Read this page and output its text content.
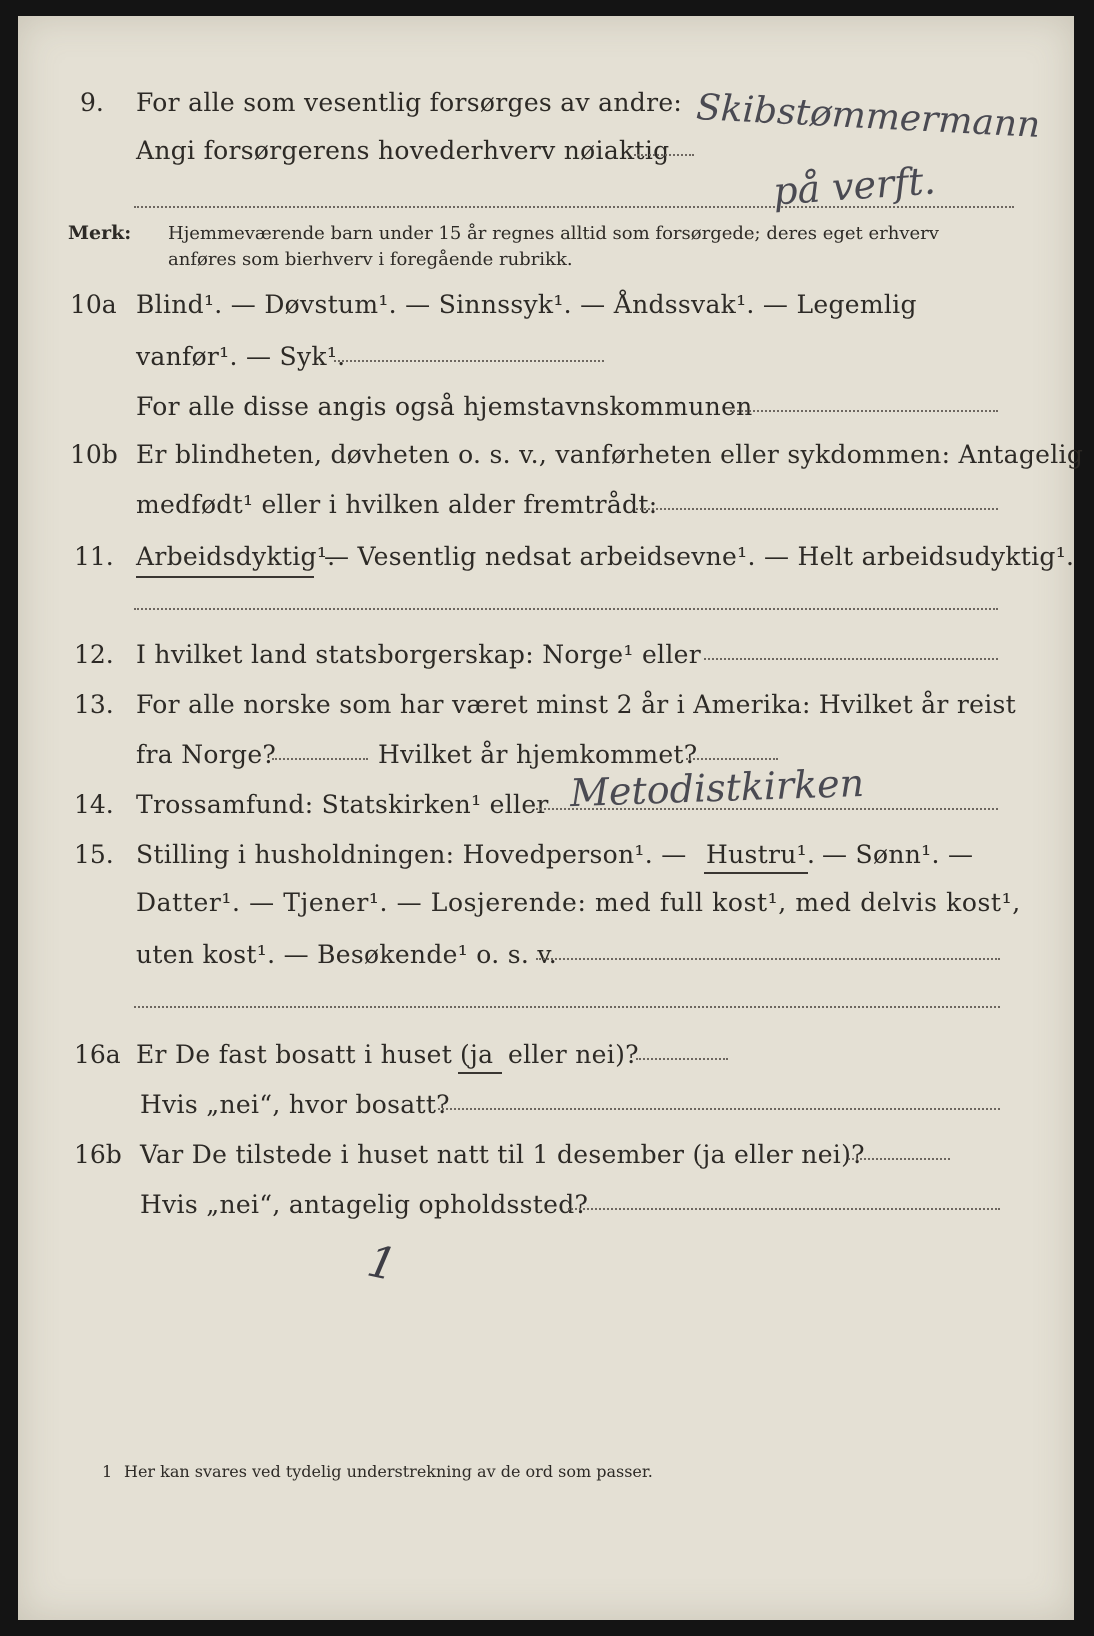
9. For alle som vesentlig forsørges av andre:
Angi forsørgerens hovederhverv nøiaktig
Skibstømmermann
på verft.
Merk: Hjemmeværende barn under 15 år regnes alltid som forsørgede; deres eget erhverv
anføres som bierhverv i foregående rubrikk.
10a Blind¹. — Døvstum¹. — Sinnssyk¹. — Åndssvak¹. — Legemlig
vanfør¹. — Syk¹.
For alle disse angis også hjemstavnskommunen
10b Er blindheten, døvheten o. s. v., vanførheten eller sykdommen: Antagelig
medfødt¹ eller i hvilken alder fremtrådt:
11. Arbeidsdyktig¹.
— Vesentlig nedsat arbeidsevne¹. — Helt arbeidsudyktig¹.
12. I hvilket land statsborgerskap: Norge¹ eller
13. For alle norske som har været minst 2 år i Amerika: Hvilket år reist
fra Norge?	Hvilket år hjemkommet?
14. Trossamfund: Statskirken¹ eller Metodistkirken
15. Stilling i husholdningen: Hovedperson¹. — Hustru¹. — Sønn¹. —
Datter¹. — Tjener¹. — Losjerende: med full kost¹, med delvis kost¹,
uten kost¹. — Besøkende¹ o. s. v.
16a Er De fast bosatt i huset (ja eller nei)?
Hvis „nei“, hvor bosatt?
16b Var De tilstede i huset natt til 1 desember (ja eller nei)?
Hvis „nei“, antagelig opholdssted?
1
1 Her kan svares ved tydelig understrekning av de ord som passer.
